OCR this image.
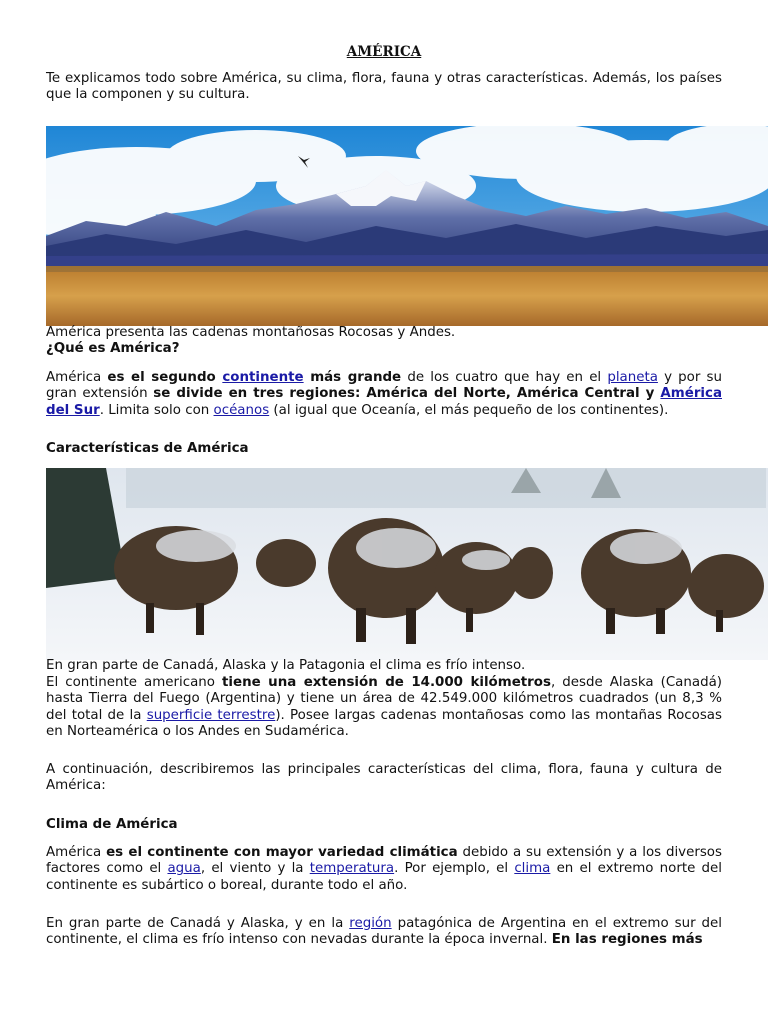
AMÉRICA

Te explicamos todo sobre América, su clima, flora, fauna y otras características. Además, los países que la componen y su cultura.

América presenta las cadenas montañosas Rocosas y Andes.

¿Qué es América?

América es el segundo continente más grande de los cuatro que hay en el planeta y por su gran extensión se divide en tres regiones: América del Norte, América Central y América del Sur. Limita solo con océanos (al igual que Oceanía, el más pequeño de los continentes).

Características de América

En gran parte de Canadá, Alaska y la Patagonia el clima es frío intenso.

El continente americano tiene una extensión de 14.000 kilómetros, desde Alaska (Canadá) hasta Tierra del Fuego (Argentina) y tiene un área de 42.549.000 kilómetros cuadrados (un 8,3 % del total de la superficie terrestre). Posee largas cadenas montañosas como las montañas Rocosas en Norteamérica o los Andes en Sudamérica.

A continuación, describiremos las principales características del clima, flora, fauna y cultura de América:

Clima de América

América es el continente con mayor variedad climática debido a su extensión y a los diversos factores como el agua, el viento y la temperatura. Por ejemplo, el clima en el extremo norte del continente es subártico o boreal, durante todo el año.

En gran parte de Canadá y Alaska, y en la región patagónica de Argentina en el extremo sur del continente, el clima es frío intenso con nevadas durante la época invernal. En las regiones más
